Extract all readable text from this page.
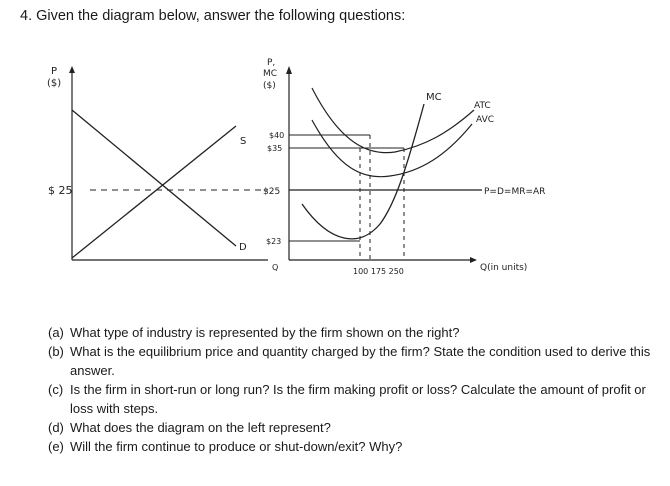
4. Given the diagram below, answer the following questions:
P
($)
S
D
$ 25
P,
MC
($)
$40
$35
$25	P=D=MR=AR
$23
Q
MC
ATC
AVC
100 175 250	Q(in units)
(a) What type of industry is represented by the firm shown on the right?
(b) What is the equilibrium price and quantity charged by the firm? State the condition used to derive this answer.
(c) Is the firm in short-run or long run? Is the firm making profit or loss? Calculate the amount of profit or loss with steps.
(d) What does the diagram on the left represent?
(e) Will the firm continue to produce or shut-down/exit? Why?
